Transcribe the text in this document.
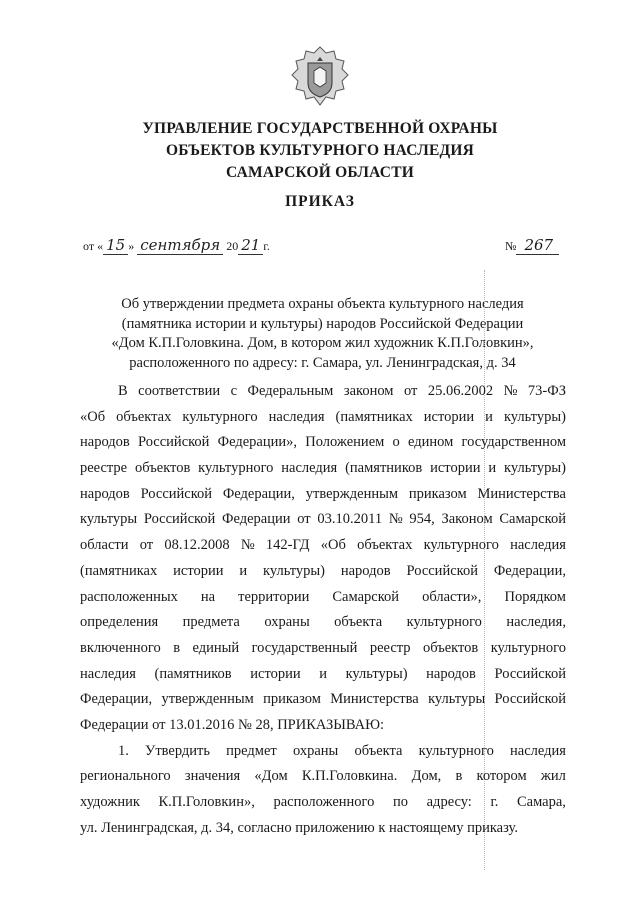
УПРАВЛЕНИЕ ГОСУДАРСТВЕННОЙ ОХРАНЫ
ОБЪЕКТОВ КУЛЬТУРНОГО НАСЛЕДИЯ
САМАРСКОЙ ОБЛАСТИ
ПРИКАЗ
от « 15 » сентября 20 21 г.	№ 267
Об утверждении предмета охраны объекта культурного наследия
(памятника истории и культуры) народов Российской Федерации
«Дом К.П.Головкина. Дом, в котором жил художник К.П.Головкин»,
расположенного по адресу: г. Самара, ул. Ленинградская, д. 34
В соответствии с Федеральным законом от 25.06.2002 № 73-ФЗ
«Об объектах культурного наследия (памятниках истории и культуры)
народов Российской Федерации», Положением о едином государственном
реестре объектов культурного наследия (памятников истории и культуры)
народов Российской Федерации, утвержденным приказом Министерства
культуры Российской Федерации от 03.10.2011 № 954, Законом Самарской
области от 08.12.2008 № 142-ГД «Об объектах культурного наследия
(памятниках истории и культуры) народов Российской Федерации,
расположенных на территории Самарской области», Порядком
определения предмета охраны объекта культурного наследия,
включенного в единый государственный реестр объектов культурного
наследия (памятников истории и культуры) народов Российской
Федерации, утвержденным приказом Министерства культуры Российской
Федерации от 13.01.2016 № 28, ПРИКАЗЫВАЮ:
1. Утвердить предмет охраны объекта культурного наследия
регионального значения «Дом К.П.Головкина. Дом, в котором жил
художник К.П.Головкин», расположенного по адресу: г. Самара,
ул. Ленинградская, д. 34, согласно приложению к настоящему приказу.
